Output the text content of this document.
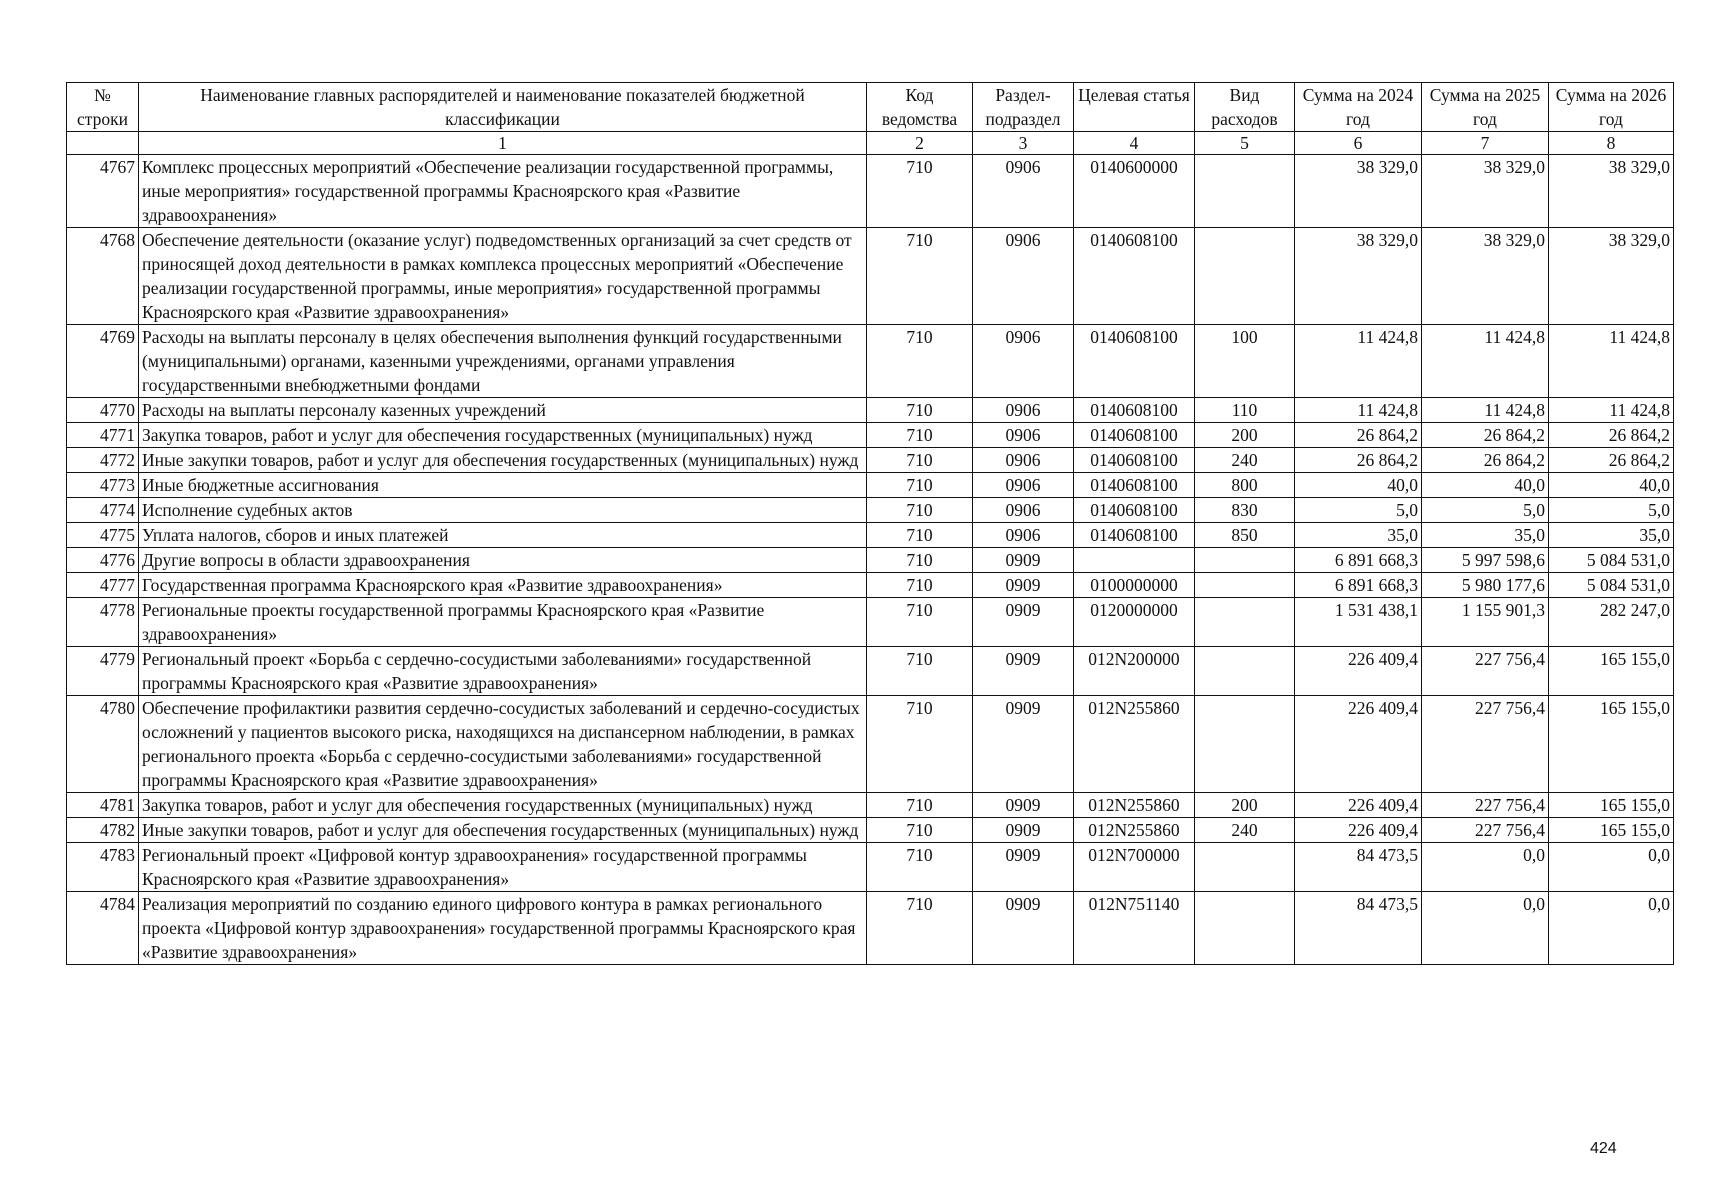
№
строки	Наименование главных распорядителей и наименование показателей бюджетной классификации	Код ведомства	Раздел-подраздел	Целевая статья	Вид расходов	Сумма на 2024 год	Сумма на 2025 год	Сумма на 2026 год
	1	2	3	4	5	6	7	8
4767	Комплекс процессных мероприятий «Обеспечение реализации государственной программы, иные мероприятия» государственной программы Красноярского края «Развитие здравоохранения»	710	0906	0140600000		38 329,0	38 329,0	38 329,0
4768	Обеспечение деятельности (оказание услуг) подведомственных организаций за счет средств от приносящей доход деятельности в рамках комплекса процессных мероприятий «Обеспечение реализации государственной программы, иные мероприятия» государственной программы Красноярского края «Развитие здравоохранения»	710	0906	0140608100		38 329,0	38 329,0	38 329,0
4769	Расходы на выплаты персоналу в целях обеспечения выполнения функций государственными (муниципальными) органами, казенными учреждениями, органами управления государственными внебюджетными фондами	710	0906	0140608100	100	11 424,8	11 424,8	11 424,8
4770	Расходы на выплаты персоналу казенных учреждений	710	0906	0140608100	110	11 424,8	11 424,8	11 424,8
4771	Закупка товаров, работ и услуг для обеспечения государственных (муниципальных) нужд	710	0906	0140608100	200	26 864,2	26 864,2	26 864,2
4772	Иные закупки товаров, работ и услуг для обеспечения государственных (муниципальных) нужд	710	0906	0140608100	240	26 864,2	26 864,2	26 864,2
4773	Иные бюджетные ассигнования	710	0906	0140608100	800	40,0	40,0	40,0
4774	Исполнение судебных актов	710	0906	0140608100	830	5,0	5,0	5,0
4775	Уплата налогов, сборов и иных платежей	710	0906	0140608100	850	35,0	35,0	35,0
4776	Другие вопросы в области здравоохранения	710	0909			6 891 668,3	5 997 598,6	5 084 531,0
4777	Государственная программа Красноярского края «Развитие здравоохранения»	710	0909	0100000000		6 891 668,3	5 980 177,6	5 084 531,0
4778	Региональные проекты государственной программы Красноярского края «Развитие здравоохранения»	710	0909	0120000000		1 531 438,1	1 155 901,3	282 247,0
4779	Региональный проект «Борьба с сердечно-сосудистыми заболеваниями» государственной программы Красноярского края «Развитие здравоохранения»	710	0909	012N200000		226 409,4	227 756,4	165 155,0
4780	Обеспечение профилактики развития сердечно-сосудистых заболеваний и сердечно-сосудистых осложнений у пациентов высокого риска, находящихся на диспансерном наблюдении, в рамках регионального проекта «Борьба с сердечно-сосудистыми заболеваниями» государственной программы Красноярского края «Развитие здравоохранения»	710	0909	012N255860		226 409,4	227 756,4	165 155,0
4781	Закупка товаров, работ и услуг для обеспечения государственных (муниципальных) нужд	710	0909	012N255860	200	226 409,4	227 756,4	165 155,0
4782	Иные закупки товаров, работ и услуг для обеспечения государственных (муниципальных) нужд	710	0909	012N255860	240	226 409,4	227 756,4	165 155,0
4783	Региональный проект «Цифровой контур здравоохранения» государственной программы Красноярского края «Развитие здравоохранения»	710	0909	012N700000		84 473,5	0,0	0,0
4784	Реализация мероприятий по созданию единого цифрового контура в рамках регионального проекта «Цифровой контур здравоохранения» государственной программы Красноярского края «Развитие здравоохранения»	710	0909	012N751140		84 473,5	0,0	0,0
424
